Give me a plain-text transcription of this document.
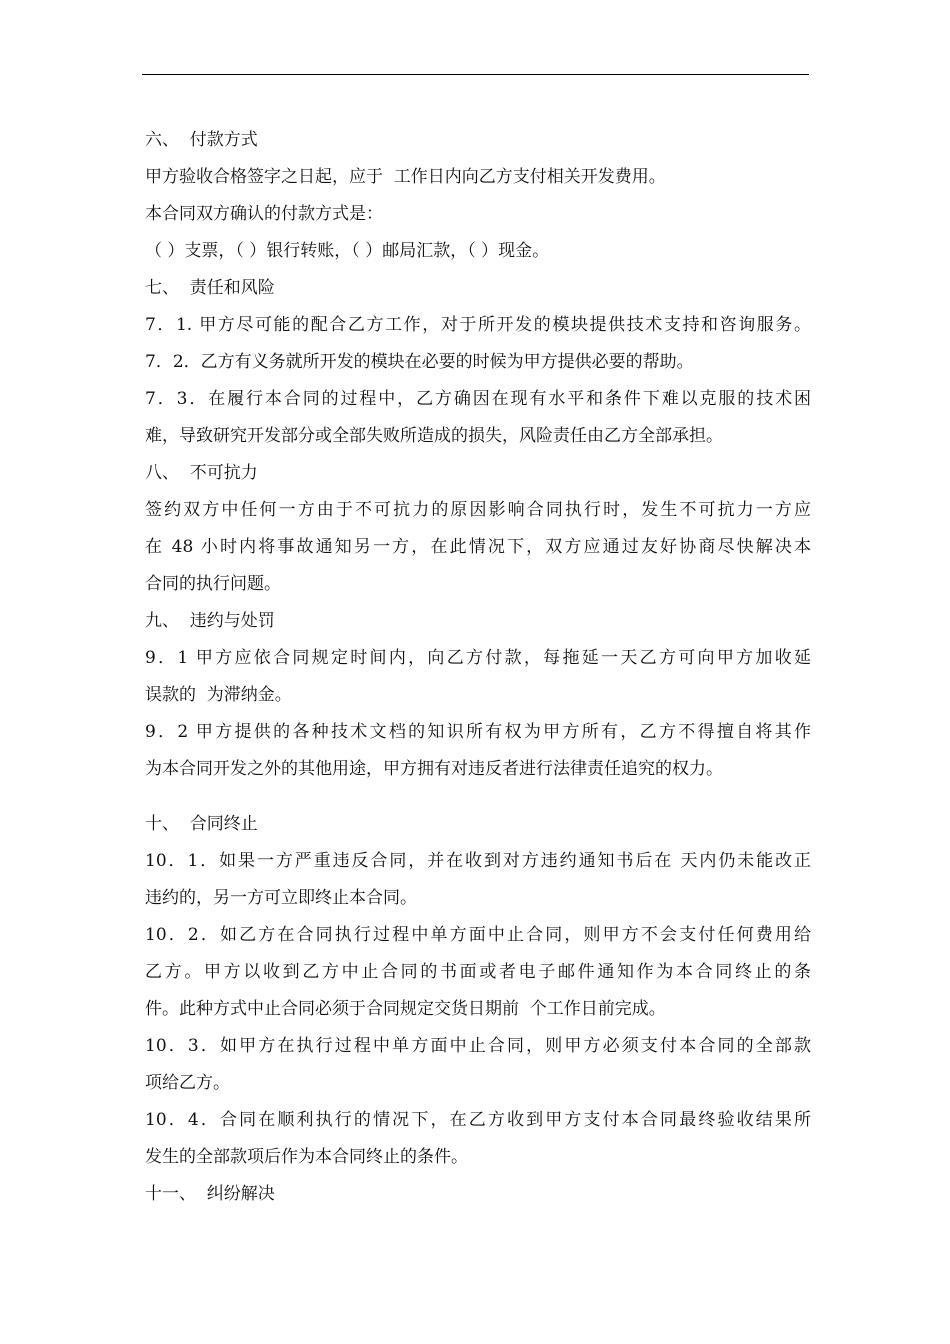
六、  付款方式
甲方验收合格签字之日起，应于  工作日内向乙方支付相关开发费用。
本合同双方确认的付款方式是：
（ ）支票，（ ）银行转账，（ ）邮局汇款，（ ）现金。
七、  责任和风险
7．1. 甲方尽可能的配合乙方工作，对于所开发的模块提供技术支持和咨询服务。
7．2．乙方有义务就所开发的模块在必要的时候为甲方提供必要的帮助。
7．3．在履行本合同的过程中，乙方确因在现有水平和条件下难以克服的技术困
难，导致研究开发部分或全部失败所造成的损失，风险责任由乙方全部承担。
八、  不可抗力
签约双方中任何一方由于不可抗力的原因影响合同执行时，发生不可抗力一方应
在 48 小时内将事故通知另一方，在此情况下，双方应通过友好协商尽快解决本
合同的执行问题。
九、  违约与处罚
9．1 甲方应依合同规定时间内，向乙方付款，每拖延一天乙方可向甲方加收延
误款的  为滞纳金。
9．2 甲方提供的各种技术文档的知识所有权为甲方所有，乙方不得擅自将其作
为本合同开发之外的其他用途，甲方拥有对违反者进行法律责任追究的权力。
十、  合同终止
10．1．如果一方严重违反合同，并在收到对方违约通知书后在 天内仍未能改正
违约的，另一方可立即终止本合同。
10．2．如乙方在合同执行过程中单方面中止合同，则甲方不会支付任何费用给
乙方。甲方以收到乙方中止合同的书面或者电子邮件通知作为本合同终止的条
件。此种方式中止合同必须于合同规定交货日期前  个工作日前完成。
10．3．如甲方在执行过程中单方面中止合同，则甲方必须支付本合同的全部款
项给乙方。
10．4．合同在顺利执行的情况下，在乙方收到甲方支付本合同最终验收结果所
发生的全部款项后作为本合同终止的条件。
十一、  纠纷解决
